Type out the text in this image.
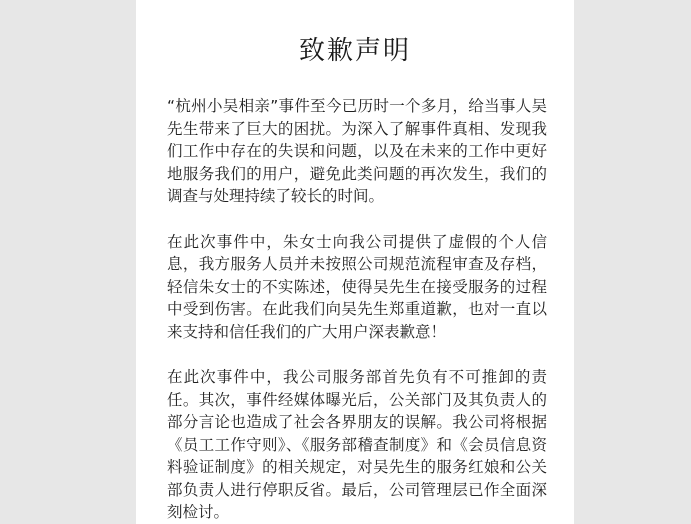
致歉声明

“杭州小吴相亲”事件至今已历时一个多月，给当事人吴先生带来了巨大的困扰。为深入了解事件真相、发现我们工作中存在的失误和问题，以及在未来的工作中更好地服务我们的用户，避免此类问题的再次发生，我们的调查与处理持续了较长的时间。

在此次事件中，朱女士向我公司提供了虚假的个人信息，我方服务人员并未按照公司规范流程审查及存档，轻信朱女士的不实陈述，使得吴先生在接受服务的过程中受到伤害。在此我们向吴先生郑重道歉，也对一直以来支持和信任我们的广大用户深表歉意！

在此次事件中，我公司服务部首先负有不可推卸的责任。其次，事件经媒体曝光后，公关部门及其负责人的部分言论也造成了社会各界朋友的误解。我公司将根据《员工工作守则》、《服务部稽查制度》和《会员信息资料验证制度》的相关规定，对吴先生的服务红娘和公关部负责人进行停职反省。最后，公司管理层已作全面深刻检讨。
